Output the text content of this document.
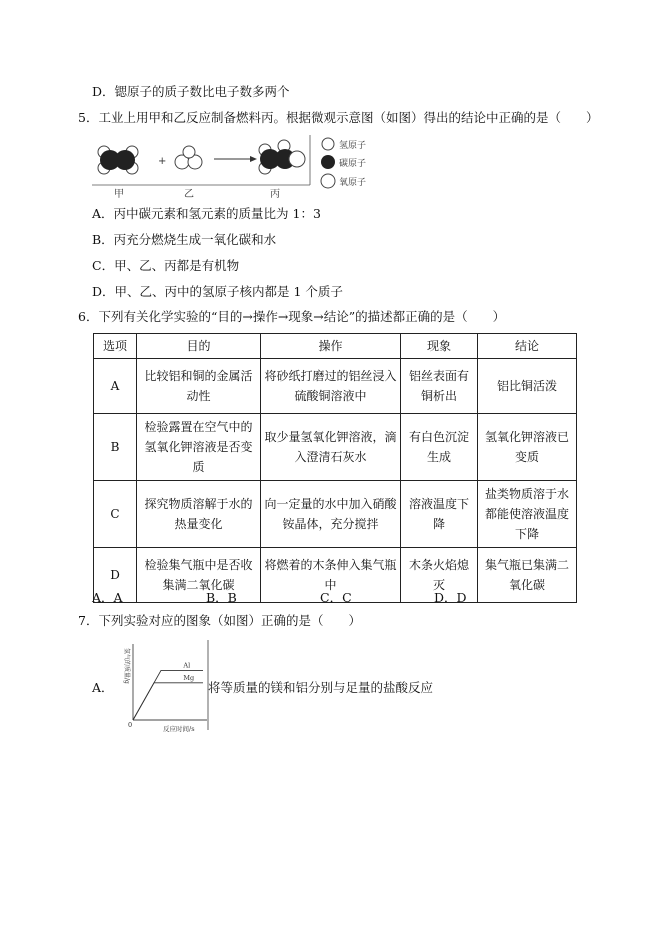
D．锶原子的质子数比电子数多两个
5．工业上用甲和乙反应制备燃料丙。根据微观示意图（如图）得出的结论中正确的是（　　）
+
甲	乙	丙
氢原子
碳原子
氧原子
A．丙中碳元素和氢元素的质量比为 1：3
B．丙充分燃烧生成一氧化碳和水
C．甲、乙、丙都是有机物
D．甲、乙、丙中的氢原子核内都是 1 个质子
6．下列有关化学实验的“目的→操作→现象→结论”的描述都正确的是（　　）
选项	目的	操作	现象	结论
A	比较铝和铜的金属活动性	将砂纸打磨过的铝丝浸入硫酸铜溶液中	铝丝表面有铜析出	铝比铜活泼
B	检验露置在空气中的氢氧化钾溶液是否变质	取少量氢氧化钾溶液，滴入澄清石灰水	有白色沉淀生成	氢氧化钾溶液已变质
C	探究物质溶解于水的热量变化	向一定量的水中加入硝酸铵晶体，充分搅拌	溶液温度下降	盐类物质溶于水都能使溶液温度下降
D	检验集气瓶中是否收集满二氧化碳	将燃着的木条伸入集气瓶中	木条火焰熄灭	集气瓶已集满二氧化碳
A．A	B．B	C．C	D．D
7．下列实验对应的图象（如图）正确的是（　　）
A．
氢气的质量/g
反应时间/s
0
Al
Mg
将等质量的镁和铝分别与足量的盐酸反应
